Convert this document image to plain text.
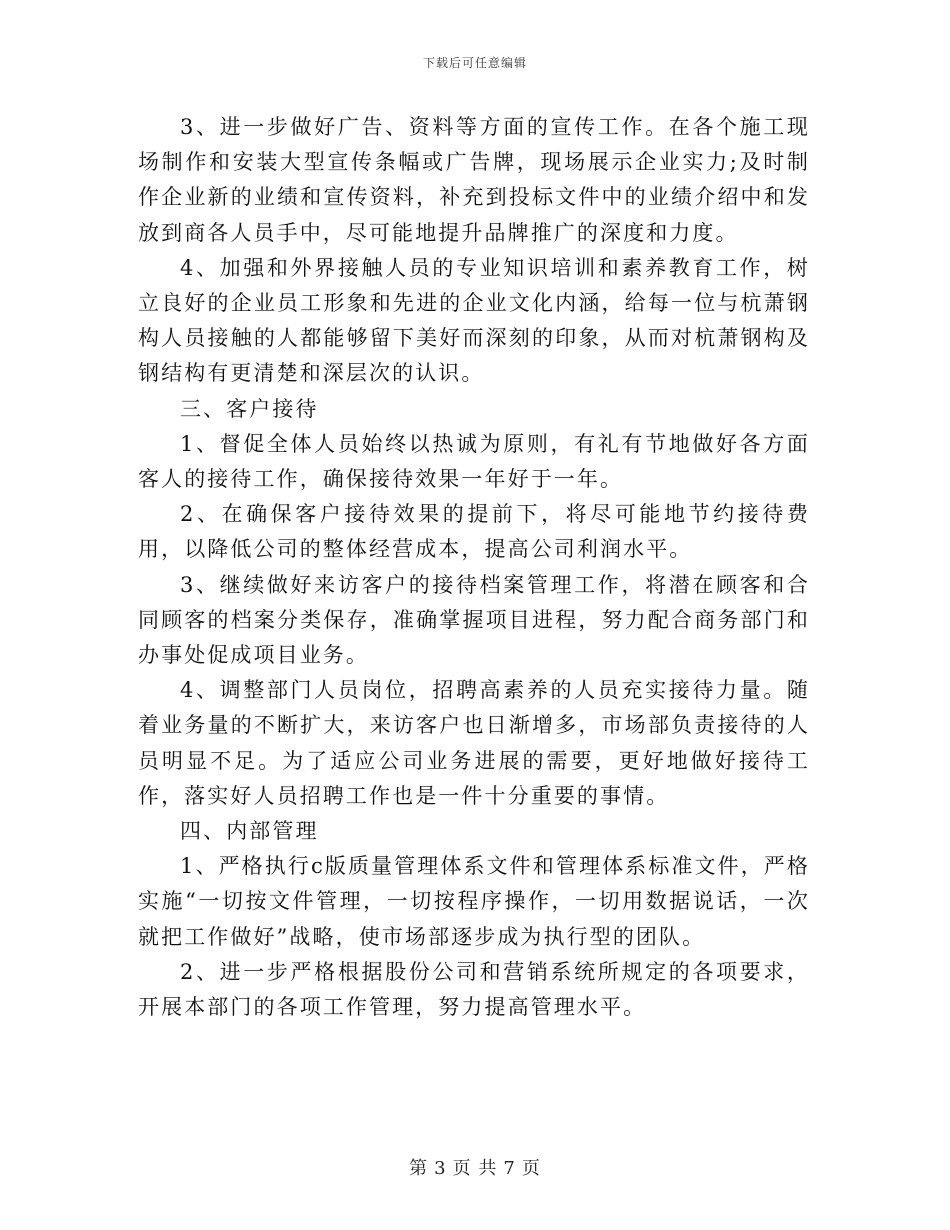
下载后可任意编辑

3、进一步做好广告、资料等方面的宣传工作。在各个施工现场制作和安装大型宣传条幅或广告牌，现场展示企业实力;及时制作企业新的业绩和宣传资料，补充到投标文件中的业绩介绍中和发放到商各人员手中，尽可能地提升品牌推广的深度和力度。

4、加强和外界接触人员的专业知识培训和素养教育工作，树立良好的企业员工形象和先进的企业文化内涵，给每一位与杭萧钢构人员接触的人都能够留下美好而深刻的印象，从而对杭萧钢构及钢结构有更清楚和深层次的认识。

三、客户接待

1、督促全体人员始终以热诚为原则，有礼有节地做好各方面客人的接待工作，确保接待效果一年好于一年。

2、在确保客户接待效果的提前下，将尽可能地节约接待费用，以降低公司的整体经营成本，提高公司利润水平。

3、继续做好来访客户的接待档案管理工作，将潜在顾客和合同顾客的档案分类保存，准确掌握项目进程，努力配合商务部门和办事处促成项目业务。

4、调整部门人员岗位，招聘高素养的人员充实接待力量。随着业务量的不断扩大，来访客户也日渐增多，市场部负责接待的人员明显不足。为了适应公司业务进展的需要，更好地做好接待工作，落实好人员招聘工作也是一件十分重要的事情。

四、内部管理

1、严格执行c版质量管理体系文件和管理体系标准文件，严格实施“一切按文件管理，一切按程序操作，一切用数据说话，一次就把工作做好”战略，使市场部逐步成为执行型的团队。

2、进一步严格根据股份公司和营销系统所规定的各项要求，开展本部门的各项工作管理，努力提高管理水平。

第 3 页 共 7 页
